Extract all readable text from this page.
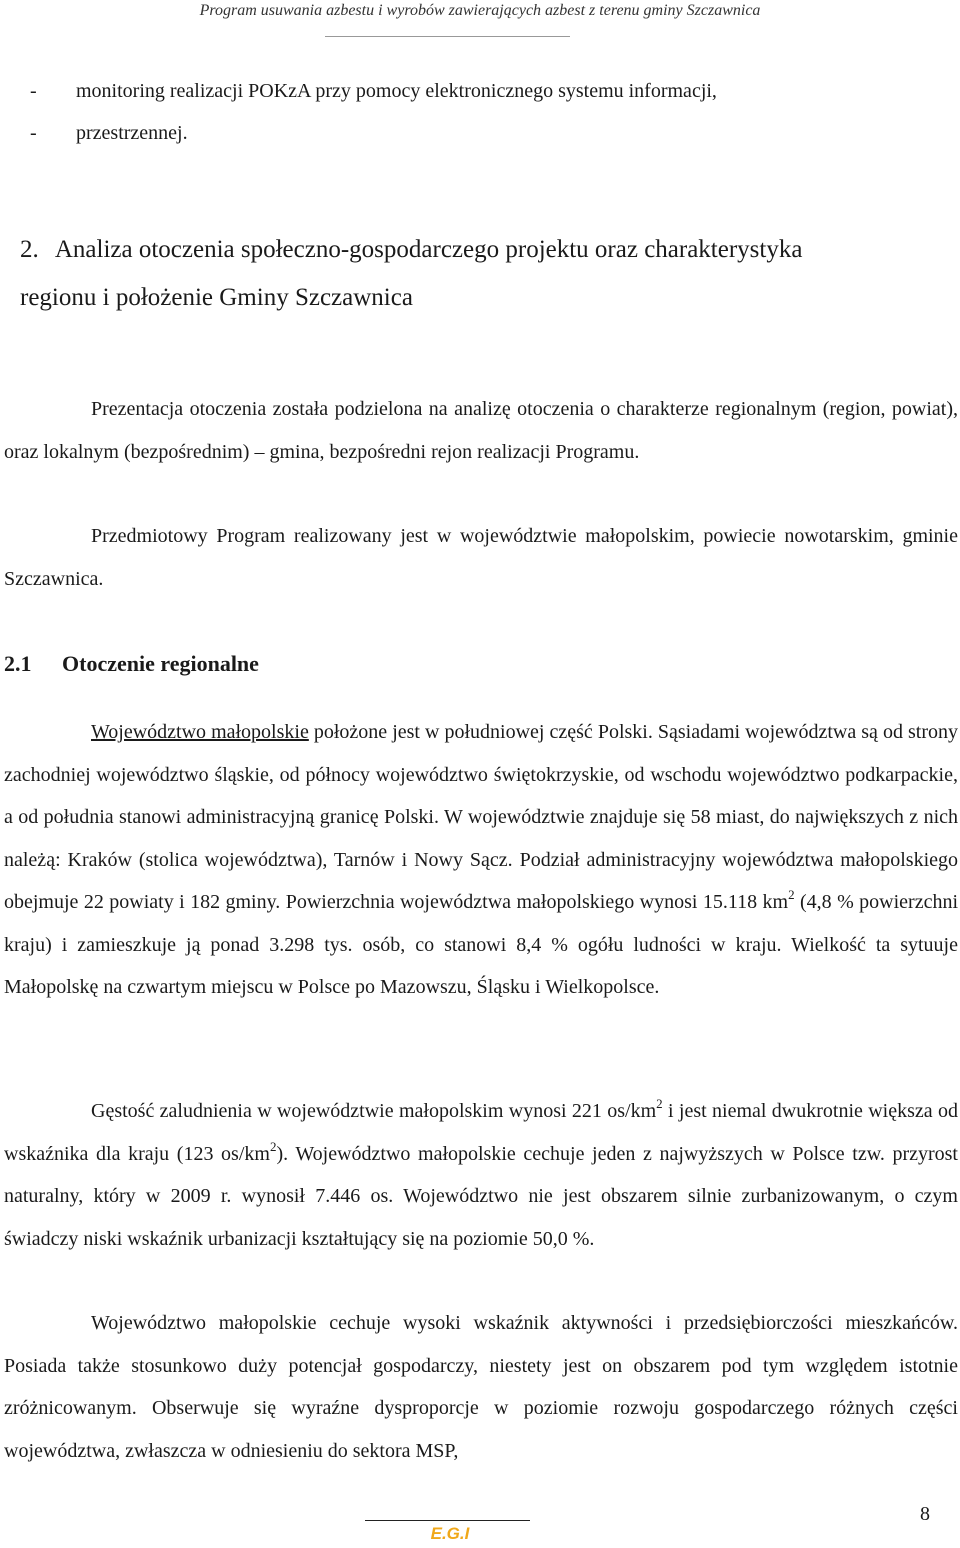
Program usuwania azbestu i wyrobów zawierających azbest z terenu gminy Szczawnica
-	monitoring realizacji POKzA przy pomocy elektronicznego systemu informacji,
-	przestrzennej.
2. Analiza otoczenia społeczno-gospodarczego projektu oraz charakterystyka
regionu i położenie Gminy Szczawnica

Prezentacja otoczenia została podzielona na analizę otoczenia o charakterze regionalnym (region, powiat), oraz lokalnym (bezpośrednim) – gmina, bezpośredni rejon realizacji Programu.

Przedmiotowy Program realizowany jest w województwie małopolskim, powiecie nowotarskim, gminie Szczawnica.

2.1 Otoczenie regionalne

Województwo małopolskie położone jest w południowej część Polski. Sąsiadami województwa są od strony zachodniej województwo śląskie, od północy województwo świętokrzyskie, od wschodu województwo podkarpackie, a od południa stanowi administracyjną granicę Polski. W województwie znajduje się 58 miast, do największych z nich należą: Kraków (stolica województwa), Tarnów i Nowy Sącz. Podział administracyjny województwa małopolskiego obejmuje 22 powiaty i 182 gminy. Powierzchnia województwa małopolskiego wynosi 15.118 $km^2$ (4,8 % powierzchni kraju) i zamieszkuje ją ponad 3.298 tys. osób, co stanowi 8,4 % ogółu ludności w kraju. Wielkość ta sytuuje Małopolskę na czwartym miejscu w Polsce po Mazowszu, Śląsku i Wielkopolsce.

Gęstość zaludnienia w województwie małopolskim wynosi 221 $os/km^2$ i jest niemal dwukrotnie większa od wskaźnika dla kraju (123 $os/km^2$). Województwo małopolskie cechuje jeden z najwyższych w Polsce tzw. przyrost naturalny, który w 2009 r. wynosił 7.446 os. Województwo nie jest obszarem silnie zurbanizowanym, o czym świadczy niski wskaźnik urbanizacji kształtujący się na poziomie 50,0 %.

Województwo małopolskie cechuje wysoki wskaźnik aktywności i przedsiębiorczości mieszkańców. Posiada także stosunkowo duży potencjał gospodarczy, niestety jest on obszarem pod tym względem istotnie zróżnicowanym. Obserwuje się wyraźne dysproporcje w poziomie rozwoju gospodarczego różnych części województwa, zwłaszcza w odniesieniu do sektora MSP,

E.G.I
8
